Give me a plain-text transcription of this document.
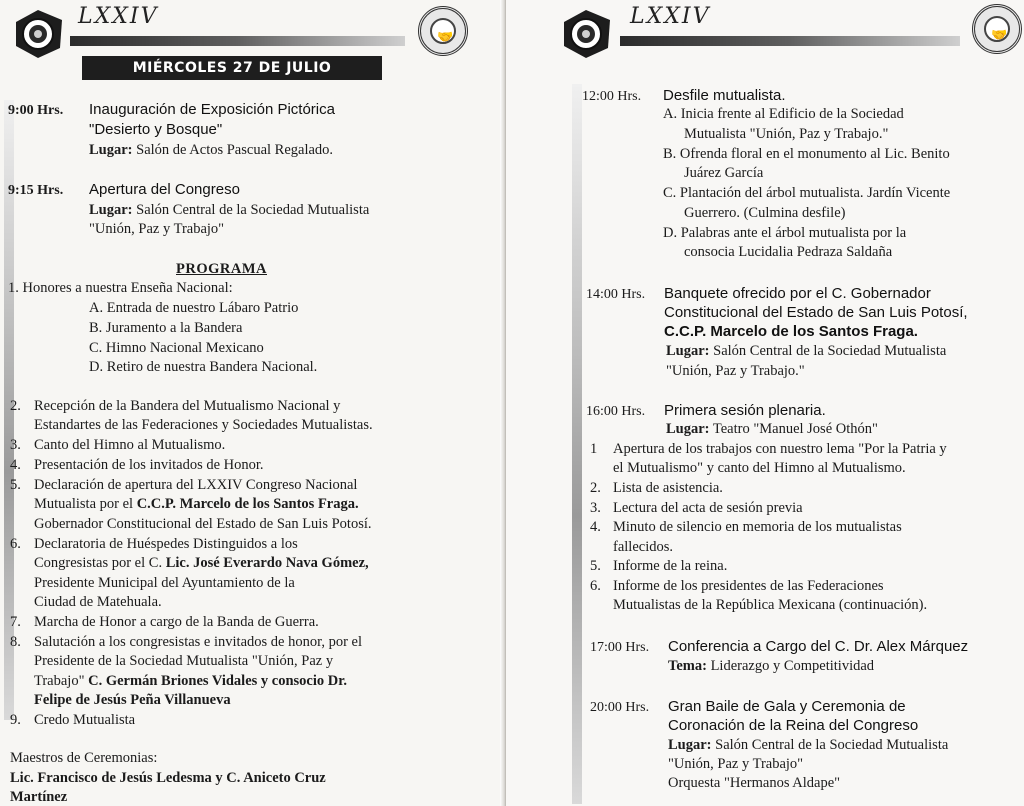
LXXIV
🤝
MIÉRCOLES 27 DE JULIO
9:00 Hrs. Inauguración de Exposición Pictórica
"Desierto y Bosque"
Lugar: Salón de Actos Pascual Regalado.
9:15 Hrs. Apertura del Congreso
Lugar: Salón Central de la Sociedad Mutualista
"Unión, Paz y Trabajo"
PROGRAMA
1. Honores a nuestra Enseña Nacional:
A. Entrada de nuestro Lábaro Patrio
B. Juramento a la Bandera
C. Himno Nacional Mexicano
D. Retiro de nuestra Bandera Nacional.
2. Recepción de la Bandera del Mutualismo Nacional y
Estandartes de las Federaciones y Sociedades Mutualistas.
3. Canto del Himno al Mutualismo.
4. Presentación de los invitados de Honor.
5. Declaración de apertura del LXXIV Congreso Nacional
Mutualista por el C.C.P. Marcelo de los Santos Fraga.
Gobernador Constitucional del Estado de San Luis Potosí.
6. Declaratoria de Huéspedes Distinguidos a los
Congresistas por el C. Lic. José Everardo Nava Gómez,
Presidente Municipal del Ayuntamiento de la
Ciudad de Matehuala.
7. Marcha de Honor a cargo de la Banda de Guerra.
8. Salutación a los congresistas e invitados de honor, por el
Presidente de la Sociedad Mutualista "Unión, Paz y
Trabajo" C. Germán Briones Vidales y consocio Dr.
Felipe de Jesús Peña Villanueva
9. Credo Mutualista
Maestros de Ceremonias:
Lic. Francisco de Jesús Ledesma y C. Aniceto Cruz
Martínez
LXXIV
🤝
12:00 Hrs. Desfile mutualista.
A. Inicia frente al Edificio de la Sociedad
Mutualista "Unión, Paz y Trabajo."
B. Ofrenda floral en el monumento al Lic. Benito
Juárez García
C. Plantación del árbol mutualista. Jardín Vicente
Guerrero. (Culmina desfile)
D. Palabras ante el árbol mutualista por la
consocia Lucidalia Pedraza Saldaña
14:00 Hrs. Banquete ofrecido por el C. Gobernador
Constitucional del Estado de San Luis Potosí,
C.C.P. Marcelo de los Santos Fraga.
Lugar: Salón Central de la Sociedad Mutualista
"Unión, Paz y Trabajo."
16:00 Hrs. Primera sesión plenaria.
Lugar: Teatro "Manuel José Othón"
1 Apertura de los trabajos con nuestro lema "Por la Patria y
el Mutualismo" y canto del Himno al Mutualismo.
2. Lista de asistencia.
3. Lectura del acta de sesión previa
4. Minuto de silencio en memoria de los mutualistas
fallecidos.
5. Informe de la reina.
6. Informe de los presidentes de las Federaciones
Mutualistas de la República Mexicana (continuación).
17:00 Hrs. Conferencia a Cargo del C. Dr. Alex Márquez
Tema: Liderazgo y Competitividad
20:00 Hrs. Gran Baile de Gala y Ceremonia de
Coronación de la Reina del Congreso
Lugar: Salón Central de la Sociedad Mutualista
"Unión, Paz y Trabajo"
Orquesta "Hermanos Aldape"
